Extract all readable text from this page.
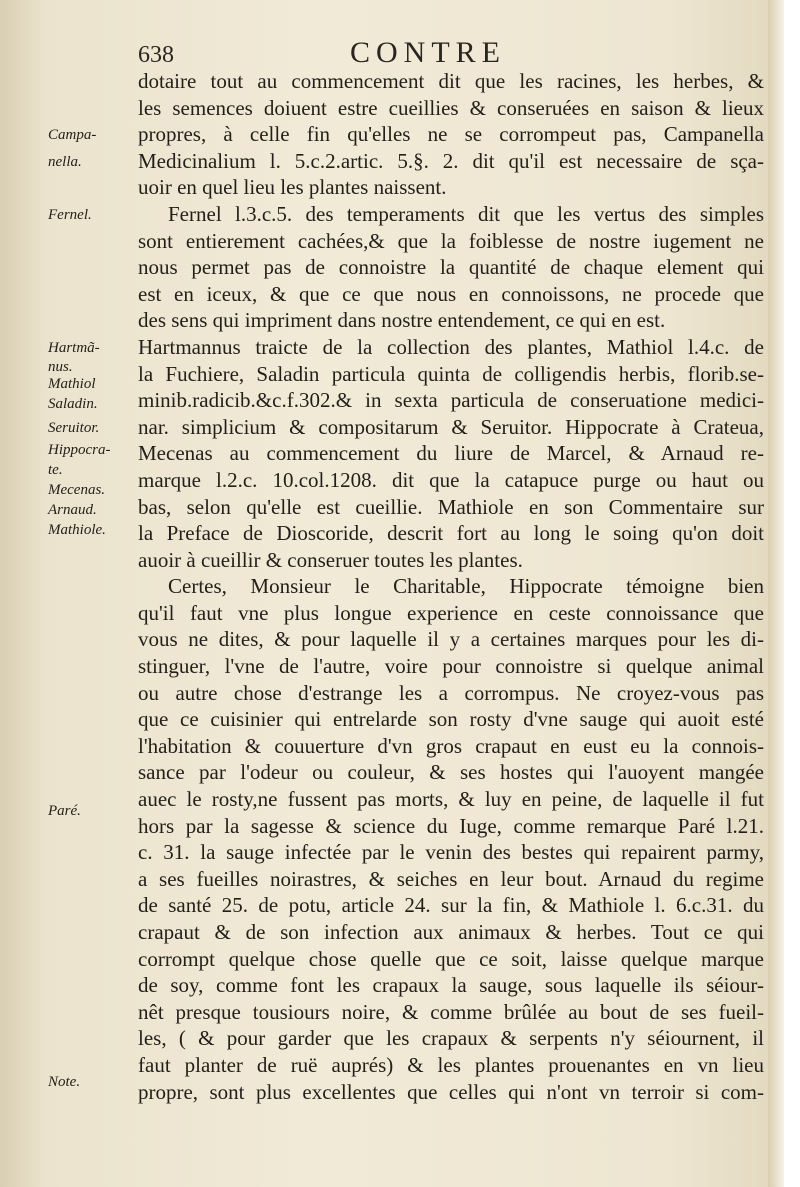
638	CONTRE
Campa-
nella.
Fernel.
Hartmã-
nus.
Mathiol
Saladin.
Seruitor.
Hippocra-
te.
Mecenas.
Arnaud.
Mathiole.
Paré.
Note.
dotaire tout au commencement dit que les racines, les herbes, &
les semences doiuent estre cueillies & conseruées en saison & lieux
propres, à celle fin qu'elles ne se corrompeut pas, Campanella
Medicinalium l. 5.c.2.artic. 5.§. 2. dit qu'il est necessaire de sça-
uoir en quel lieu les plantes naissent.
Fernel l.3.c.5. des temperaments dit que les vertus des simples
sont entierement cachées,& que la foiblesse de nostre iugement ne
nous permet pas de connoistre la quantité de chaque element qui
est en iceux, & que ce que nous en connoissons, ne procede que
des sens qui impriment dans nostre entendement, ce qui en est.
Hartmannus traicte de la collection des plantes, Mathiol l.4.c. de
la Fuchiere, Saladin particula quinta de colligendis herbis, florib.se-
minib.radicib.&c.f.302.& in sexta particula de conseruatione medici-
nar. simplicium & compositarum & Seruitor. Hippocrate à Crateua,
Mecenas au commencement du liure de Marcel, & Arnaud re-
marque l.2.c. 10.col.1208. dit que la catapuce purge ou haut ou
bas, selon qu'elle est cueillie. Mathiole en son Commentaire sur
la Preface de Dioscoride, descrit fort au long le soing qu'on doit
auoir à cueillir & conseruer toutes les plantes.
Certes, Monsieur le Charitable, Hippocrate témoigne bien
qu'il faut vne plus longue experience en ceste connoissance que
vous ne dites, & pour laquelle il y a certaines marques pour les di-
stinguer, l'vne de l'autre, voire pour connoistre si quelque animal
ou autre chose d'estrange les a corrompus. Ne croyez-vous pas
que ce cuisinier qui entrelarde son rosty d'vne sauge qui auoit esté
l'habitation & couuerture d'vn gros crapaut en eust eu la connois-
sance par l'odeur ou couleur, & ses hostes qui l'auoyent mangée
auec le rosty,ne fussent pas morts, & luy en peine, de laquelle il fut
hors par la sagesse & science du Iuge, comme remarque Paré l.21.
c. 31. la sauge infectée par le venin des bestes qui repairent parmy,
a ses fueilles noirastres, & seiches en leur bout. Arnaud du regime
de santé 25. de potu, article 24. sur la fin, & Mathiole l. 6.c.31. du
crapaut & de son infection aux animaux & herbes. Tout ce qui
corrompt quelque chose quelle que ce soit, laisse quelque marque
de soy, comme font les crapaux la sauge, sous laquelle ils séiour-
nêt presque tousiours noire, & comme brûlée au bout de ses fueil-
les, ( & pour garder que les crapaux & serpents n'y séiournent, il
faut planter de ruë auprés) & les plantes prouenantes en vn lieu
propre, sont plus excellentes que celles qui n'ont vn terroir si com-
